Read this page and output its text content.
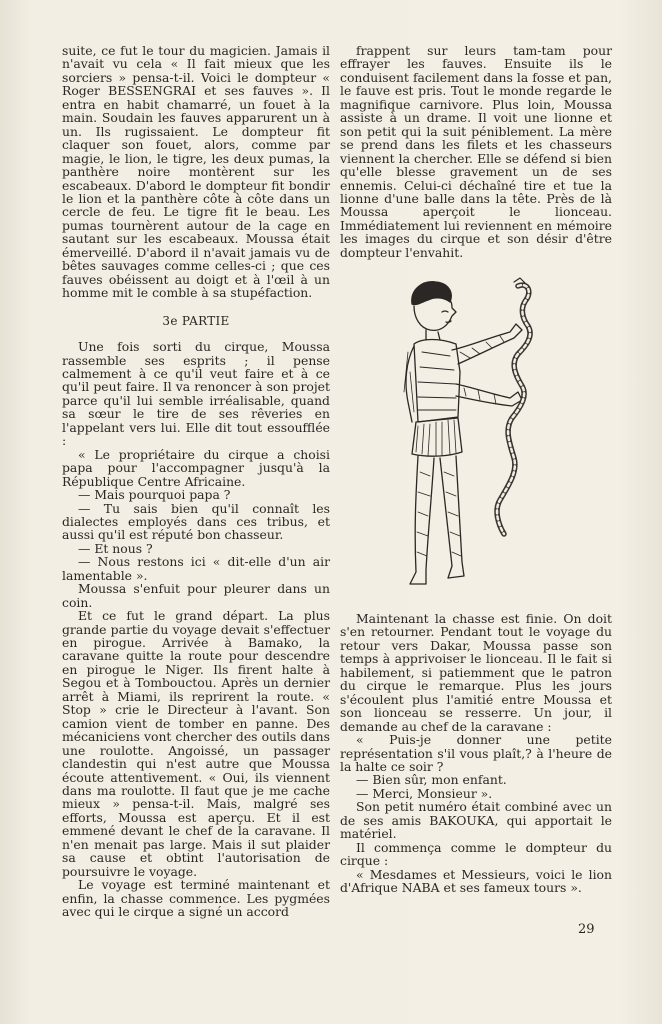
suite, ce fut le tour du magicien. Jamais il n'avait vu cela « Il fait mieux que les sorciers » pensa-t-il. Voici le dompteur « Roger BESSENGRAI et ses fauves ». Il entra en habit chamarré, un fouet à la main. Soudain les fauves apparurent un à un. Ils rugissaient. Le dompteur fit claquer son fouet, alors, comme par magie, le lion, le tigre, les deux pumas, la panthère noire montèrent sur les escabeaux. D'abord le dompteur fit bondir le lion et la panthère côte à côte dans un cercle de feu. Le tigre fit le beau. Les pumas tournèrent autour de la cage en sautant sur les escabeaux. Moussa était émerveillé. D'abord il n'avait jamais vu de bêtes sauvages comme celles-ci ; que ces fauves obéissent au doigt et à l'œil à un homme mit le comble à sa stupéfaction.

3e PARTIE

Une fois sorti du cirque, Moussa rassemble ses esprits ; il pense calmement à ce qu'il veut faire et à ce qu'il peut faire. Il va renoncer à son projet parce qu'il lui semble irréalisable, quand sa sœur le tire de ses rêveries en l'appelant vers lui. Elle dit tout essoufflée :

« Le propriétaire du cirque a choisi papa pour l'accompagner jusqu'à la République Centre Africaine.

— Mais pourquoi papa ?

— Tu sais bien qu'il connaît les dialectes employés dans ces tribus, et aussi qu'il est réputé bon chasseur.

— Et nous ?

— Nous restons ici « dit-elle d'un air lamentable ».

Moussa s'enfuit pour pleurer dans un coin.

Et ce fut le grand départ. La plus grande partie du voyage devait s'effectuer en pirogue. Arrivée à Bamako, la caravane quitte la route pour descendre en pirogue le Niger. Ils firent halte à Segou et à Tombouctou. Après un dernier arrêt à Miami, ils reprirent la route. « Stop » crie le Directeur à l'avant. Son camion vient de tomber en panne. Des mécaniciens vont chercher des outils dans une roulotte. Angoissé, un passager clandestin qui n'est autre que Moussa écoute attentivement. « Oui, ils viennent dans ma roulotte. Il faut que je me cache mieux » pensa-t-il. Mais, malgré ses efforts, Moussa est aperçu. Et il est emmené devant le chef de la caravane. Il n'en menait pas large. Mais il sut plaider sa cause et obtint l'autorisation de poursuivre le voyage.

Le voyage est terminé maintenant et enfin, la chasse commence. Les pygmées avec qui le cirque a signé un accord

frappent sur leurs tam-tam pour effrayer les fauves. Ensuite ils le conduisent facilement dans la fosse et pan, le fauve est pris. Tout le monde regarde le magnifique carnivore. Plus loin, Moussa assiste à un drame. Il voit une lionne et son petit qui la suit péniblement. La mère se prend dans les filets et les chasseurs viennent la chercher. Elle se défend si bien qu'elle blesse gravement un de ses ennemis. Celui-ci déchaîné tire et tue la lionne d'une balle dans la tête. Près de là Moussa aperçoit le lionceau. Immédiatement lui reviennent en mémoire les images du cirque et son désir d'être dompteur l'envahit.

Maintenant la chasse est finie. On doit s'en retourner. Pendant tout le voyage du retour vers Dakar, Moussa passe son temps à apprivoiser le lionceau. Il le fait si habilement, si patiemment que le patron du cirque le remarque. Plus les jours s'écoulent plus l'amitié entre Moussa et son lionceau se resserre. Un jour, il demande au chef de la caravane :

« Puis-je donner une petite représentation s'il vous plaît,? à l'heure de la halte ce soir ?

— Bien sûr, mon enfant.

— Merci, Monsieur ».

Son petit numéro était combiné avec un de ses amis BAKOUKA, qui apportait le matériel.

Il commença comme le dompteur du cirque :

« Mesdames et Messieurs, voici le lion d'Afrique NABA et ses fameux tours ».

29
